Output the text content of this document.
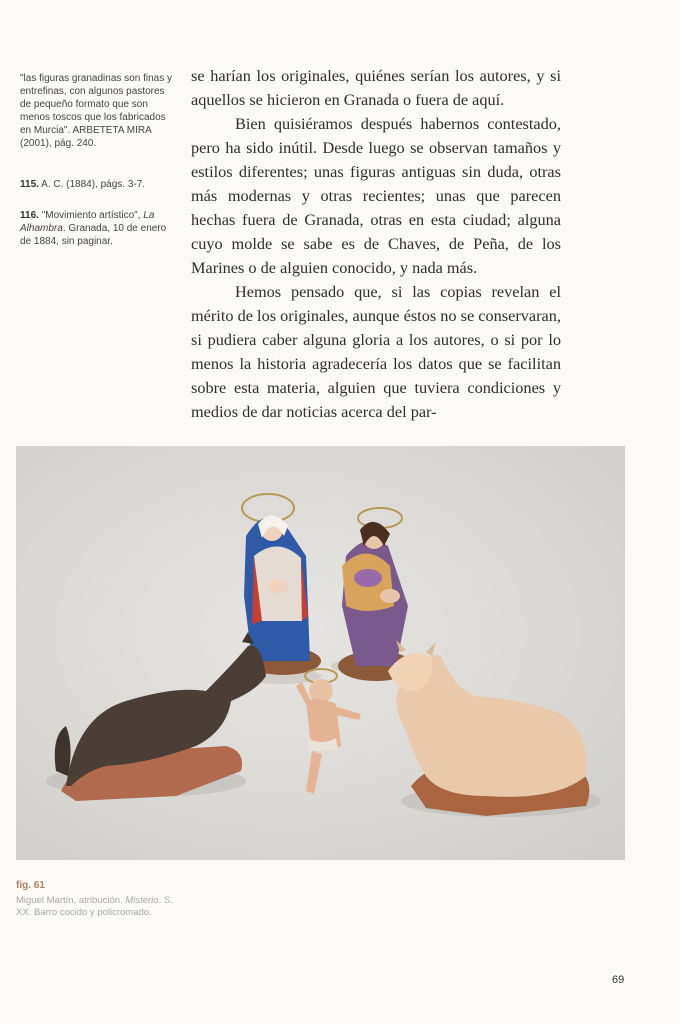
"las figuras granadinas son finas y entrefinas, con algunos pastores de pequeño formato que son menos toscos que los fabricados en Murcia". ARBETETA MIRA (2001), pág. 240.
115. A. C. (1884), págs. 3-7.
116. "Movimiento artístico", La Alhambra. Granada, 10 de enero de 1884, sin paginar.

se harían los originales, quiénes serían los autores, y si aquellos se hicieron en Granada o fuera de aquí.

Bien quisiéramos después habernos contestado, pero ha sido inútil. Desde luego se observan tamaños y estilos diferentes; unas figuras antiguas sin duda, otras más modernas y otras recientes; unas que parecen hechas fuera de Granada, otras en esta ciudad; alguna cuyo molde se sabe es de Chaves, de Peña, de los Marines o de alguien conocido, y nada más.

Hemos pensado que, si las copias revelan el mérito de los originales, aunque éstos no se conservaran, si pudiera caber alguna gloria a los autores, o si por lo menos la historia agradecería los datos que se facilitan sobre esta materia, alguien que tuviera condiciones y medios de dar noticias acerca del par-

fig. 61
Miguel Martín, atribución. Misterio. S. XX. Barro cocido y policromado.
69
